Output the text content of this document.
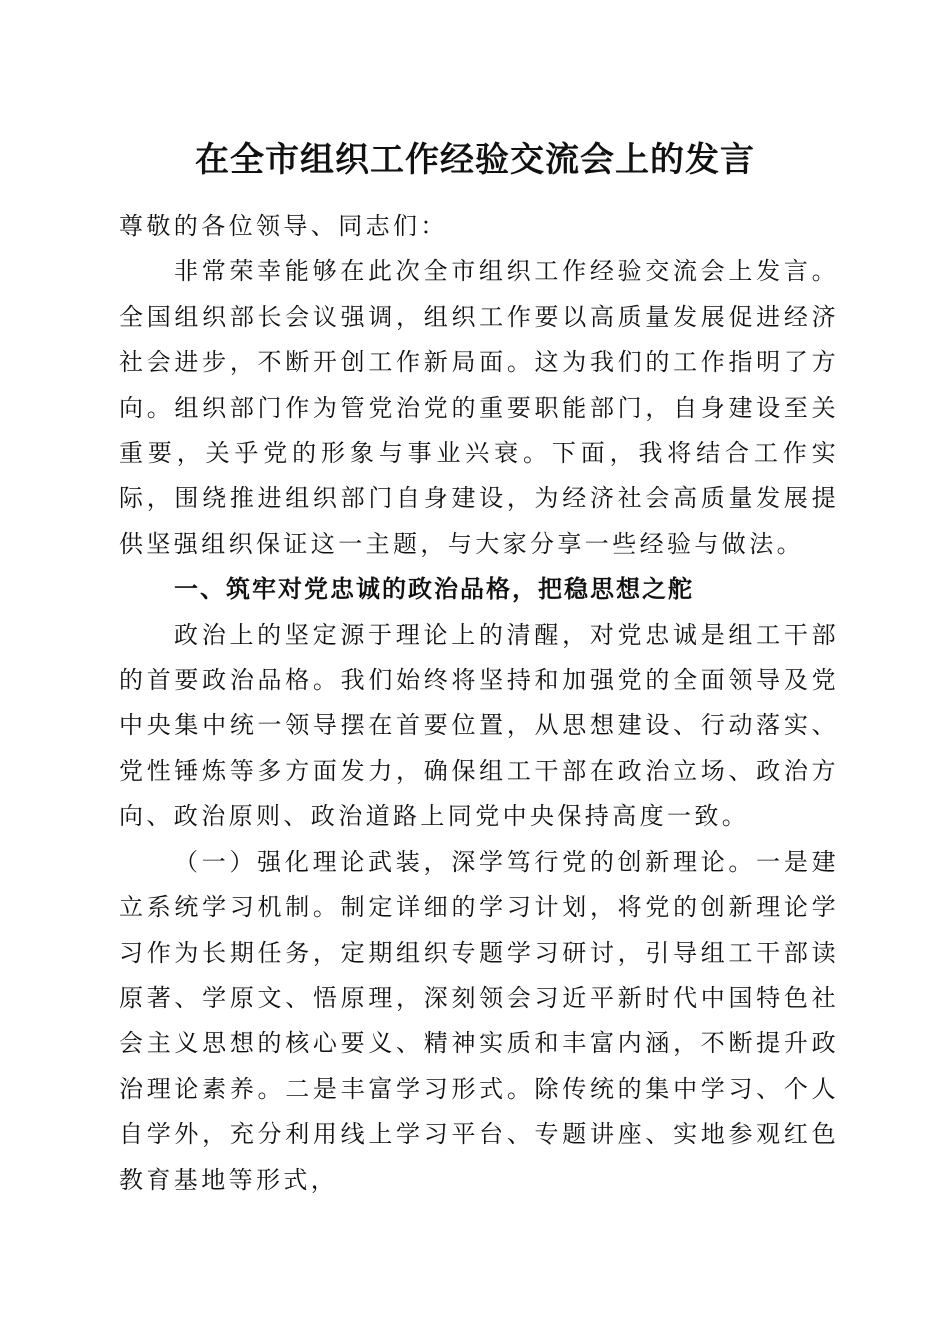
在全市组织工作经验交流会上的发言

尊敬的各位领导、同志们：

非常荣幸能够在此次全市组织工作经验交流会上发言。全国组织部长会议强调，组织工作要以高质量发展促进经济社会进步，不断开创工作新局面。这为我们的工作指明了方向。组织部门作为管党治党的重要职能部门，自身建设至关重要，关乎党的形象与事业兴衰。下面，我将结合工作实际，围绕推进组织部门自身建设，为经济社会高质量发展提供坚强组织保证这一主题，与大家分享一些经验与做法。

一、筑牢对党忠诚的政治品格，把稳思想之舵

政治上的坚定源于理论上的清醒，对党忠诚是组工干部的首要政治品格。我们始终将坚持和加强党的全面领导及党中央集中统一领导摆在首要位置，从思想建设、行动落实、党性锤炼等多方面发力，确保组工干部在政治立场、政治方向、政治原则、政治道路上同党中央保持高度一致。

（一）强化理论武装，深学笃行党的创新理论。一是建立系统学习机制。制定详细的学习计划，将党的创新理论学习作为长期任务，定期组织专题学习研讨，引导组工干部读原著、学原文、悟原理，深刻领会习近平新时代中国特色社会主义思想的核心要义、精神实质和丰富内涵，不断提升政治理论素养。二是丰富学习形式。除传统的集中学习、个人自学外，充分利用线上学习平台、专题讲座、实地参观红色教育基地等形式，
